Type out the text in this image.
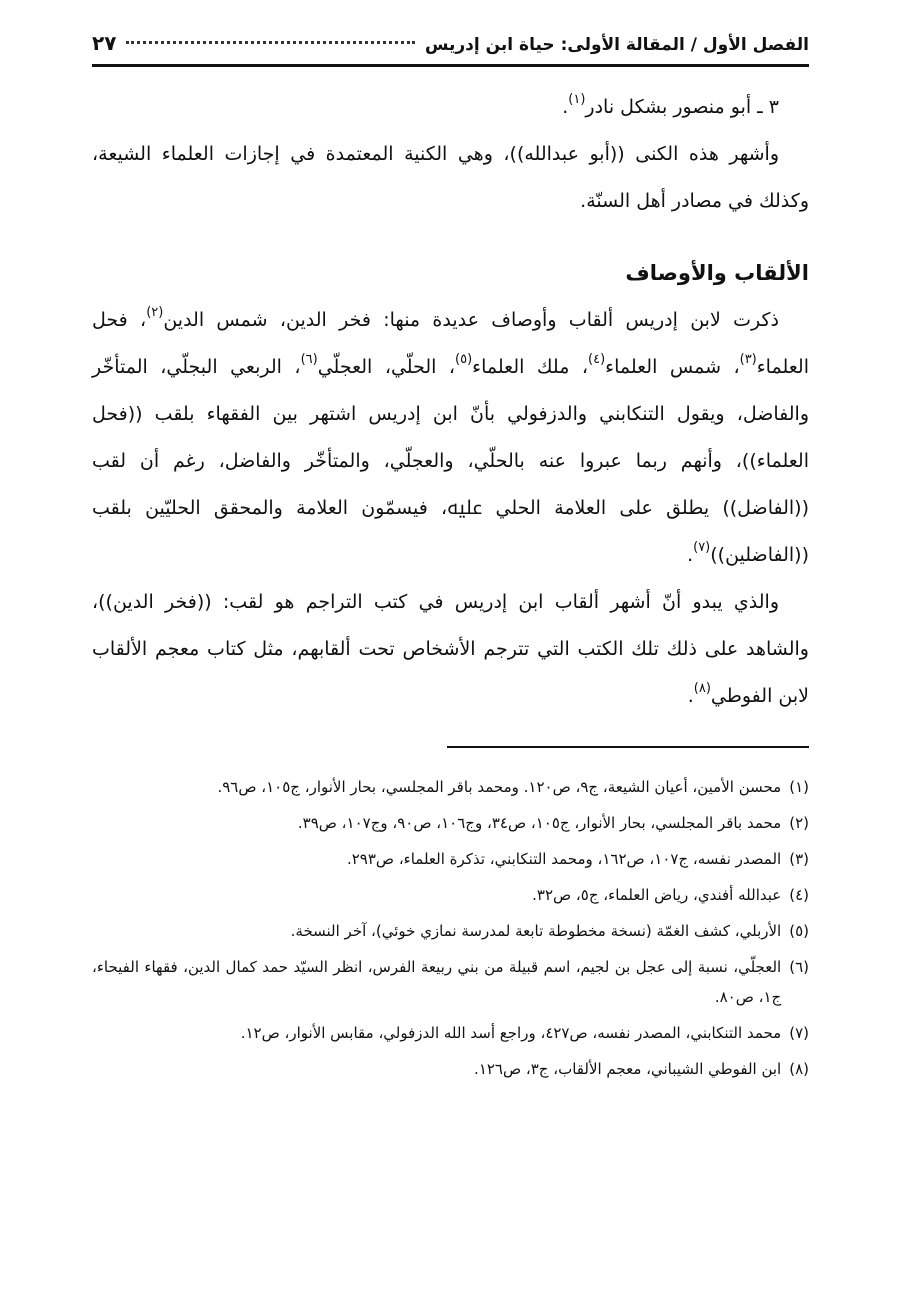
الفصل الأول / المقالة الأولى: حياة ابن إدريس
٢٧

٣ ـ أبو منصور بشكل نادر$^{(١)}$.

وأشهر هذه الكنى ((أبو عبدالله))، وهي الكنية المعتمدة في إجازات العلماء الشيعة، وكذلك في مصادر أهل السنّة.

الألقاب والأوصاف

ذكرت لابن إدريس ألقاب وأوصاف عديدة منها: فخر الدين، شمس الدين$^{(٢)}$، فحل العلماء$^{(٣)}$، شمس العلماء$^{(٤)}$، ملك العلماء$^{(٥)}$، الحلّي، العجلّي$^{(٦)}$، الربعي البجلّي، المتأخّر والفاضل، ويقول التنكابني والدزفولي بأنّ ابن إدريس اشتهر بين الفقهاء بلقب ((فحل العلماء))، وأنهم ربما عبروا عنه بالحلّي، والعجلّي، والمتأخّر والفاضل، رغم أن لقب ((الفاضل)) يطلق على العلامة الحلي ﷷ، فيسمّون العلامة والمحقق الحليّين بلقب ((الفاضلين))$^{(٧)}$.

والذي يبدو أنّ أشهر ألقاب ابن إدريس في كتب التراجم هو لقب: ((فخر الدين))، والشاهد على ذلك تلك الكتب التي تترجم الأشخاص تحت ألقابهم، مثل كتاب معجم الألقاب لابن الفوطي$^{(٨)}$.

(١)
محسن الأمين، أعيان الشيعة، ج٩، ص١٢٠. ومحمد باقر المجلسي، بحار الأنوار، ج١٠٥، ص٩٦.
(٢)
محمد باقر المجلسي، بحار الأنوار، ج١٠٥، ص٣٤، وج١٠٦، ص٩٠، وج١٠٧، ص٣٩.
(٣)
المصدر نفسه، ج١٠٧، ص١٦٢، ومحمد التنكابني، تذكرة العلماء، ص٢٩٣.
(٤)
عبدالله أفندي، رياض العلماء، ج٥، ص٣٢.
(٥)
الأربلي، كشف الغمّة (نسخة مخطوطة تابعة لمدرسة نمازي خوئي)، آخر النسخة.
(٦)
العجلّي، نسبة إلى عجل بن لجيم، اسم قبيلة من بني ربيعة الفرس، انظر السيّد حمد كمال الدين، فقهاء الفيحاء، ج١، ص٨٠.
(٧)
محمد التنكابني، المصدر نفسه، ص٤٢٧، وراجع أسد الله الدزفولي، مقابس الأنوار، ص١٢.
(٨)
ابن الفوطي الشيباني، معجم الألقاب، ج٣، ص١٢٦.
